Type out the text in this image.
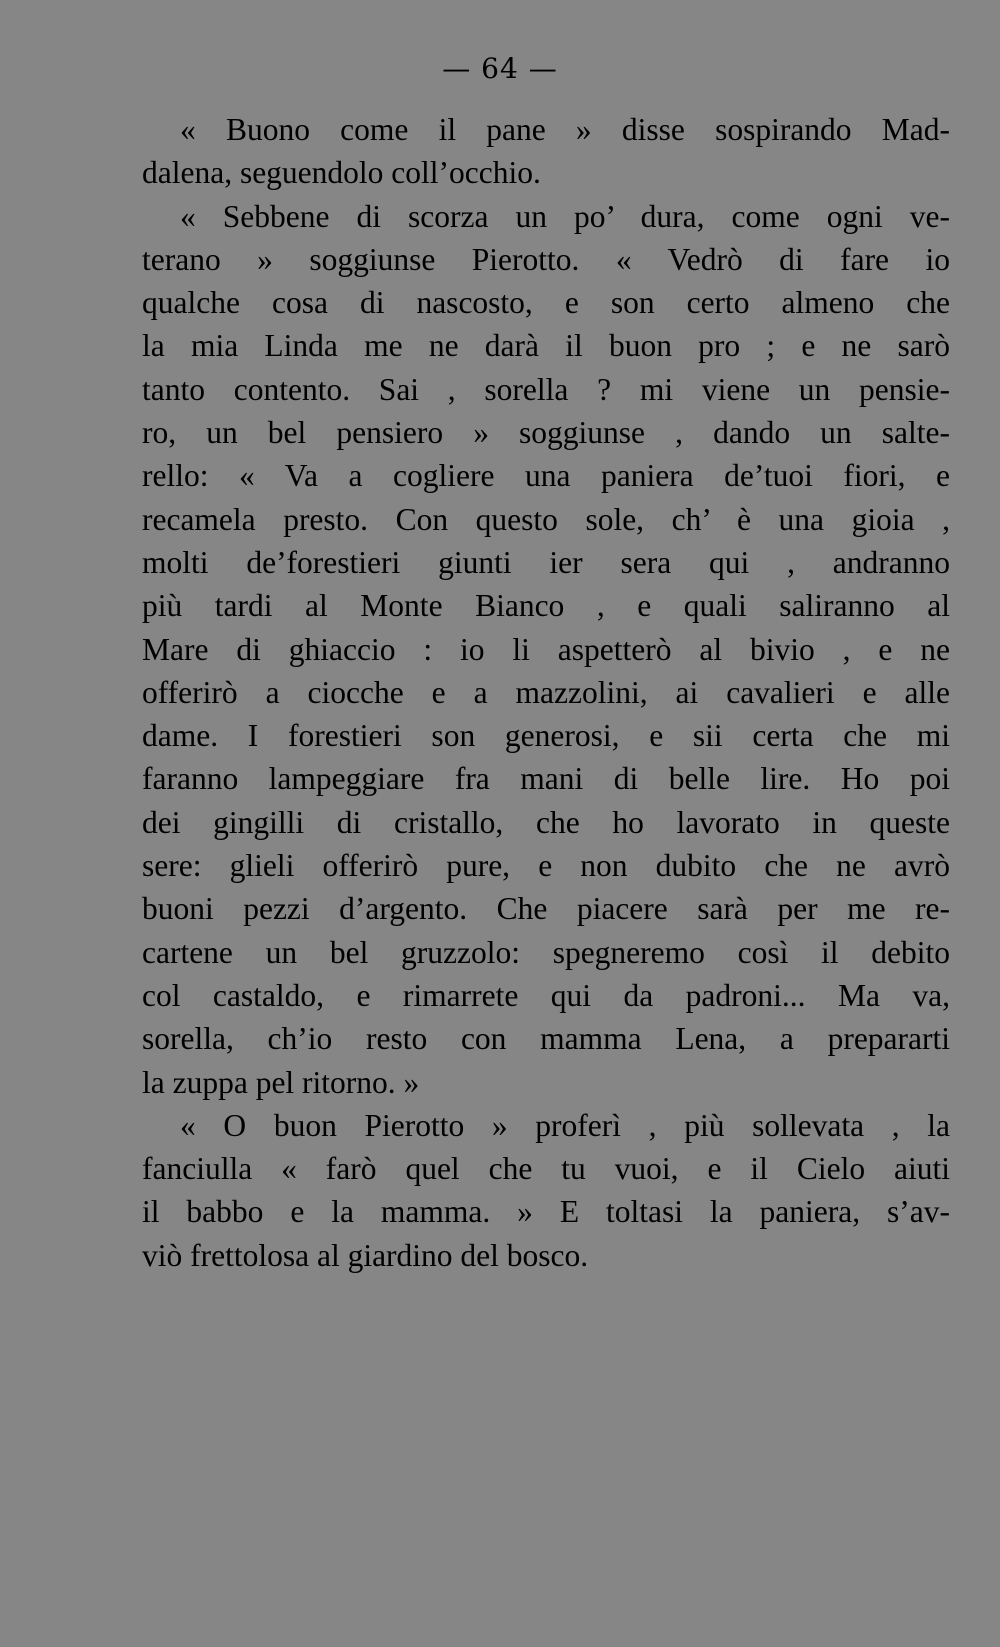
— 64 —
« Buono come il pane » disse sospirando Mad-
dalena, seguendolo coll’occhio.
« Sebbene di scorza un po’ dura, come ogni ve-
terano » soggiunse Pierotto. « Vedrò di fare io
qualche cosa di nascosto, e son certo almeno che
la mia Linda me ne darà il buon pro ; e ne sarò
tanto contento. Sai , sorella ? mi viene un pensie-
ro, un bel pensiero » soggiunse , dando un salte-
rello: « Va a cogliere una paniera de’tuoi fiori, e
recamela presto. Con questo sole, ch’ è una gioia ,
molti de’forestieri giunti ier sera qui , andranno
più tardi al Monte Bianco , e quali saliranno al
Mare di ghiaccio : io li aspetterò al bivio , e ne
offerirò a ciocche e a mazzolini, ai cavalieri e alle
dame. I forestieri son generosi, e sii certa che mi
faranno lampeggiare fra mani di belle lire. Ho poi
dei gingilli di cristallo, che ho lavorato in queste
sere: glieli offerirò pure, e non dubito che ne avrò
buoni pezzi d’argento. Che piacere sarà per me re-
cartene un bel gruzzolo: spegneremo così il debito
col castaldo, e rimarrete qui da padroni... Ma va,
sorella, ch’io resto con mamma Lena, a prepararti
la zuppa pel ritorno. »
« O buon Pierotto » proferì , più sollevata , la
fanciulla « farò quel che tu vuoi, e il Cielo aiuti
il babbo e la mamma. » E toltasi la paniera, s’av-
viò frettolosa al giardino del bosco.
